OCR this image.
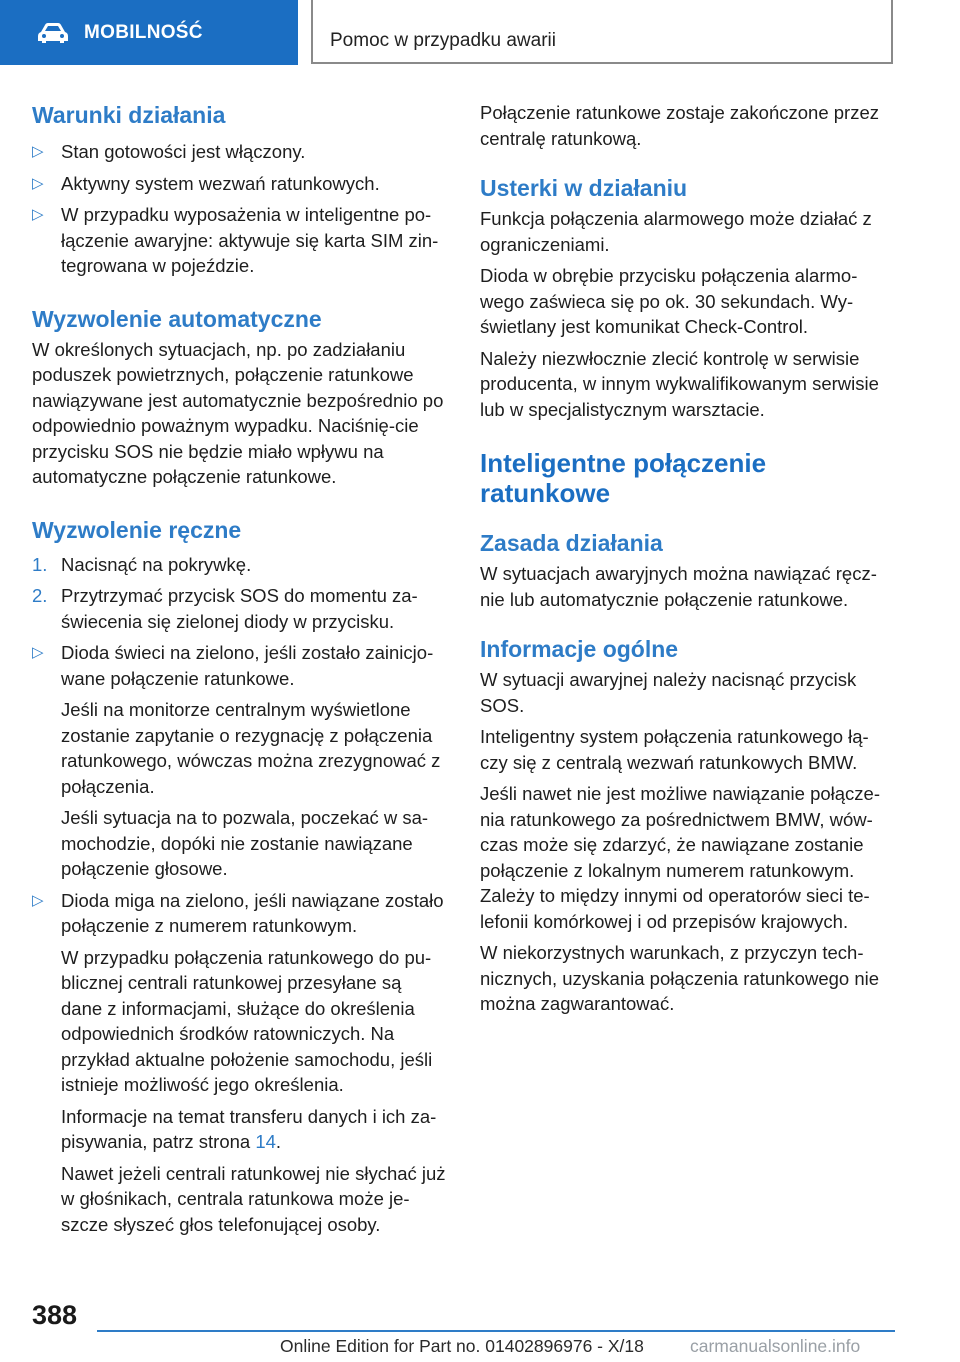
MOBILNOŚĆ	Pomoc w przypadku awarii
Warunki działania
▷ Stan gotowości jest włączony.
▷ Aktywny system wezwań ratunkowych.
▷ W przypadku wyposażenia w inteligentne po-łączenie awaryjne: aktywuje się karta SIM zin-tegrowana w pojeździe.
Wyzwolenie automatyczne

W określonych sytuacjach, np. po zadziałaniu poduszek powietrznych, połączenie ratunkowe nawiązywane jest automatycznie bezpośrednio po odpowiednio poważnym wypadku. Naciśnię-cie przycisku SOS nie będzie miało wpływu na automatyczne połączenie ratunkowe.

Wyzwolenie ręczne
1. Nacisnąć na pokrywkę.
2. Przytrzymać przycisk SOS do momentu za-świecenia się zielonej diody w przycisku.
▷ Dioda świeci na zielono, jeśli zostało zainicjo-wane połączenie ratunkowe.
Jeśli na monitorze centralnym wyświetlone zostanie zapytanie o rezygnację z połączenia ratunkowego, wówczas można zrezygnować z połączenia.
Jeśli sytuacja na to pozwala, poczekać w sa-mochodzie, dopóki nie zostanie nawiązane połączenie głosowe.
▷ Dioda miga na zielono, jeśli nawiązane zostało połączenie z numerem ratunkowym.
W przypadku połączenia ratunkowego do pu-blicznej centrali ratunkowej przesyłane są dane z informacjami, służące do określenia odpowiednich środków ratowniczych. Na przykład aktualne położenie samochodu, jeśli istnieje możliwość jego określenia.
Informacje na temat transferu danych i ich za-pisywania, patrz strona 14.
Nawet jeżeli centrali ratunkowej nie słychać już w głośnikach, centrala ratunkowa może je-szcze słyszeć głos telefonującej osoby.

Połączenie ratunkowe zostaje zakończone przez centralę ratunkową.

Usterki w działaniu

Funkcja połączenia alarmowego może działać z ograniczeniami.

Dioda w obrębie przycisku połączenia alarmo-wego zaświeca się po ok. 30 sekundach. Wy-świetlany jest komunikat Check-Control.

Należy niezwłocznie zlecić kontrolę w serwisie producenta, w innym wykwalifikowanym serwisie lub w specjalistycznym warsztacie.

Inteligentne połączenie ratunkowe
Zasada działania

W sytuacjach awaryjnych można nawiązać ręcz-nie lub automatycznie połączenie ratunkowe.

Informacje ogólne

W sytuacji awaryjnej należy nacisnąć przycisk SOS.

Inteligentny system połączenia ratunkowego łą-czy się z centralą wezwań ratunkowych BMW.

Jeśli nawet nie jest możliwe nawiązanie połącze-nia ratunkowego za pośrednictwem BMW, wów-czas może się zdarzyć, że nawiązane zostanie połączenie z lokalnym numerem ratunkowym. Zależy to między innymi od operatorów sieci te-lefonii komórkowej i od przepisów krajowych.

W niekorzystnych warunkach, z przyczyn tech-nicznych, uzyskania połączenia ratunkowego nie można zagwarantować.

388
Online Edition for Part no. 01402896976 - X/18	carmanualsonline.info
